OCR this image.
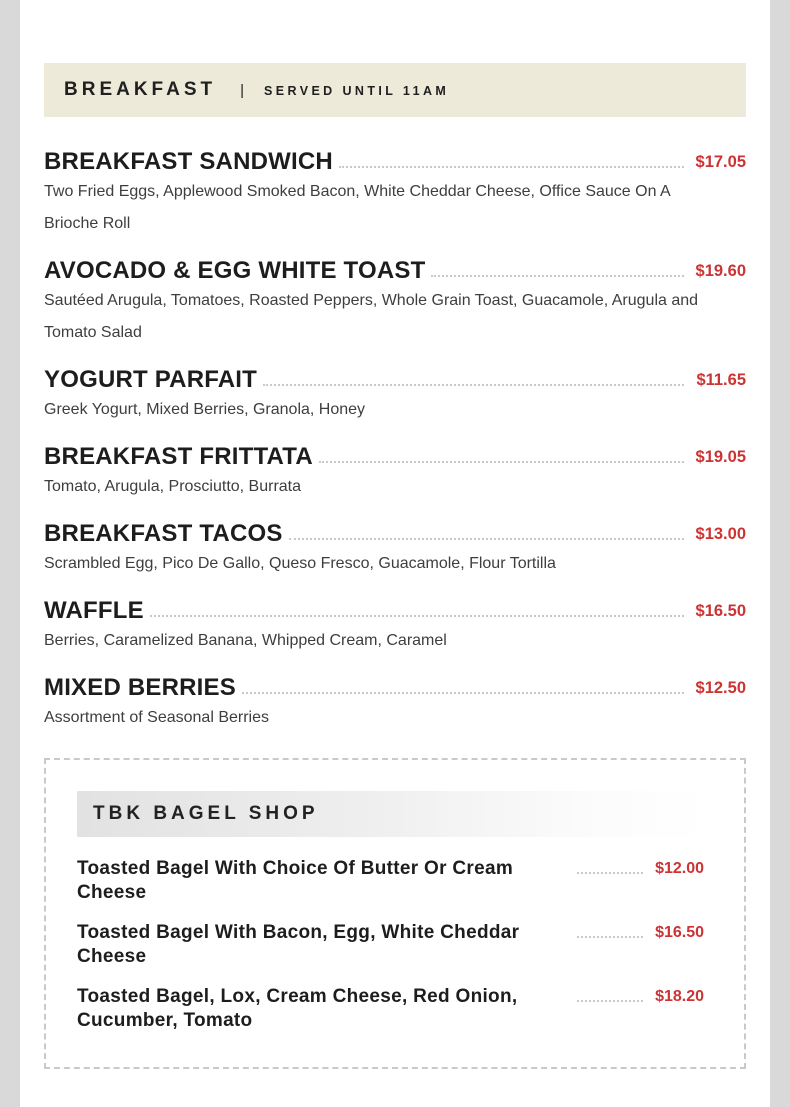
BREAKFAST | SERVED UNTIL 11AM
BREAKFAST SANDWICH	$17.05
Two Fried Eggs, Applewood Smoked Bacon, White Cheddar Cheese, Office Sauce On A Brioche Roll
AVOCADO & EGG WHITE TOAST	$19.60
Sautéed Arugula, Tomatoes, Roasted Peppers, Whole Grain Toast, Guacamole, Arugula and Tomato Salad
YOGURT PARFAIT	$11.65
Greek Yogurt, Mixed Berries, Granola, Honey
BREAKFAST FRITTATA	$19.05
Tomato, Arugula, Prosciutto, Burrata
BREAKFAST TACOS	$13.00
Scrambled Egg, Pico De Gallo, Queso Fresco, Guacamole, Flour Tortilla
WAFFLE	$16.50
Berries, Caramelized Banana, Whipped Cream, Caramel
MIXED BERRIES	$12.50
Assortment of Seasonal Berries
TBK BAGEL SHOP
Toasted Bagel With Choice Of Butter Or Cream Cheese
$12.00
Toasted Bagel With Bacon, Egg, White Cheddar Cheese
$16.50
Toasted Bagel, Lox, Cream Cheese, Red Onion, Cucumber, Tomato
$18.20
